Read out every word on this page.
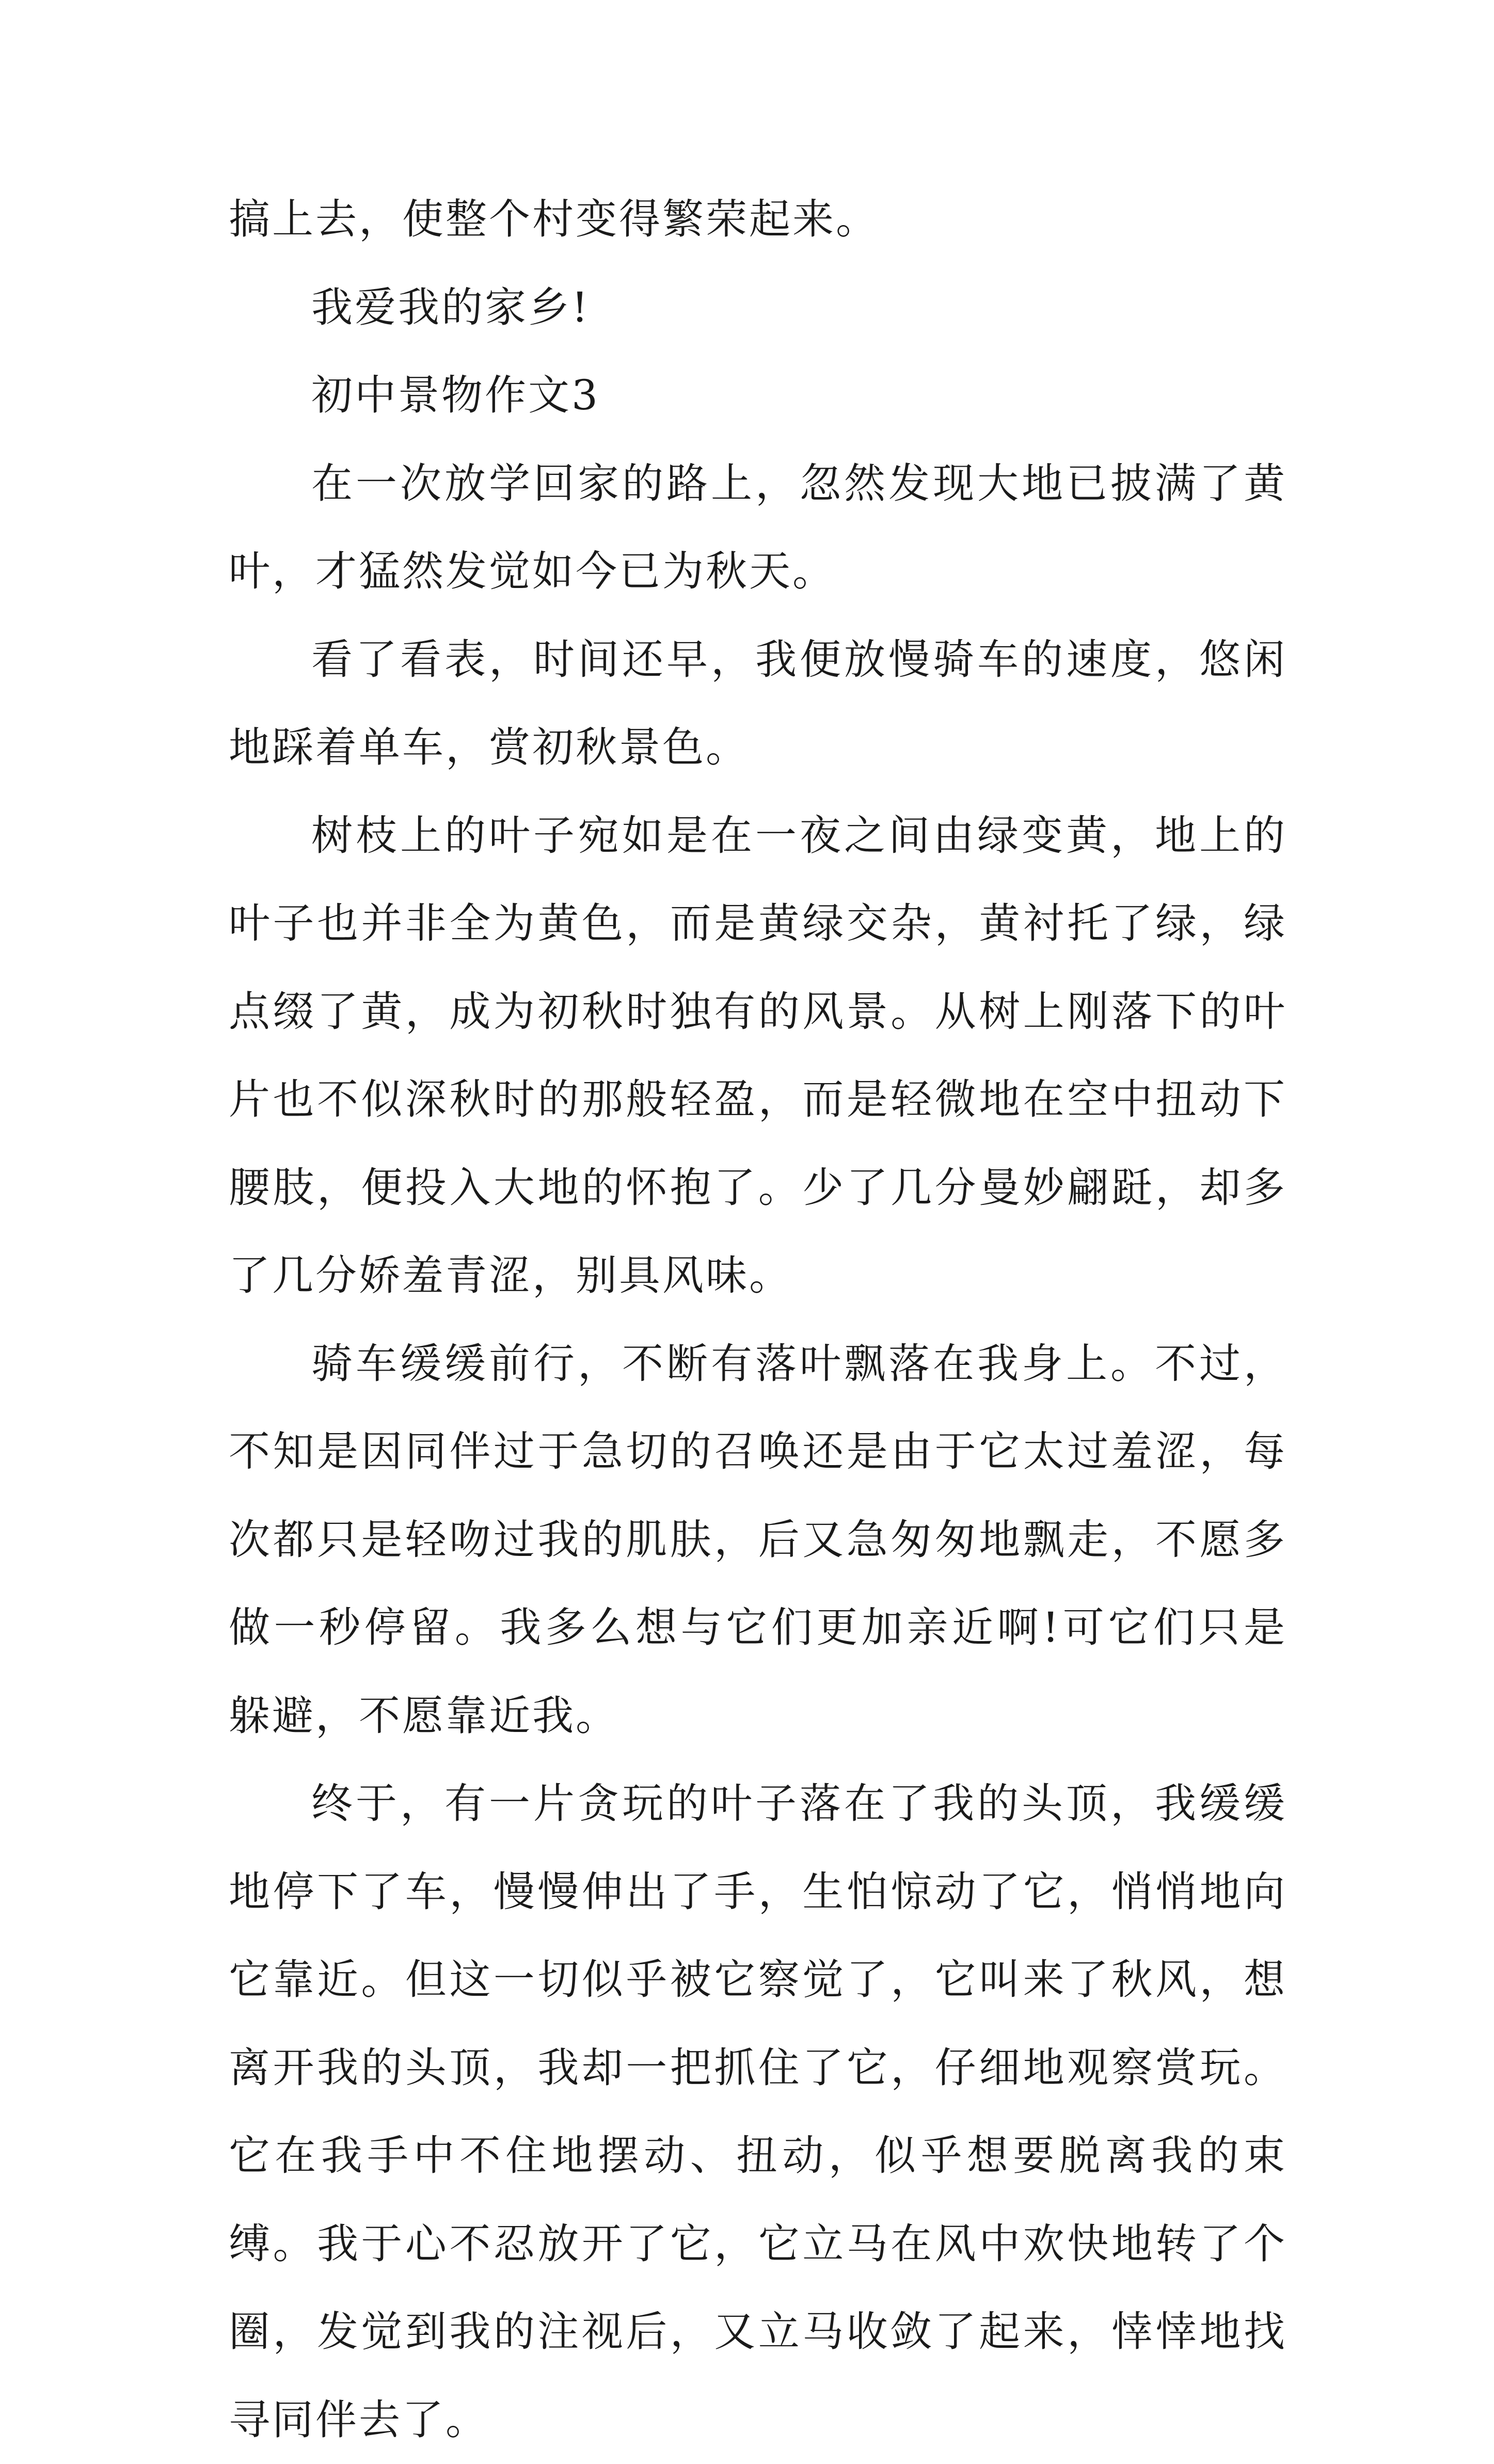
搞上去，使整个村变得繁荣起来。

我爱我的家乡!

初中景物作文3

在一次放学回家的路上，忽然发现大地已披满了黄叶，才猛然发觉如今已为秋天。

看了看表，时间还早，我便放慢骑车的速度，悠闲地踩着单车，赏初秋景色。

树枝上的叶子宛如是在一夜之间由绿变黄，地上的叶子也并非全为黄色，而是黄绿交杂，黄衬托了绿，绿点缀了黄，成为初秋时独有的风景。从树上刚落下的叶片也不似深秋时的那般轻盈，而是轻微地在空中扭动下腰肢，便投入大地的怀抱了。少了几分曼妙翩跹，却多了几分娇羞青涩，别具风味。

骑车缓缓前行，不断有落叶飘落在我身上。不过，不知是因同伴过于急切的召唤还是由于它太过羞涩，每次都只是轻吻过我的肌肤，后又急匆匆地飘走，不愿多做一秒停留。我多么想与它们更加亲近啊!可它们只是躲避，不愿靠近我。

终于，有一片贪玩的叶子落在了我的头顶，我缓缓地停下了车，慢慢伸出了手，生怕惊动了它，悄悄地向它靠近。但这一切似乎被它察觉了，它叫来了秋风，想离开我的头顶，我却一把抓住了它，仔细地观察赏玩。它在我手中不住地摆动、扭动，似乎想要脱离我的束缚。我于心不忍放开了它，它立马在风中欢快地转了个圈，发觉到我的注视后，又立马收敛了起来，悻悻地找寻同伴去了。
